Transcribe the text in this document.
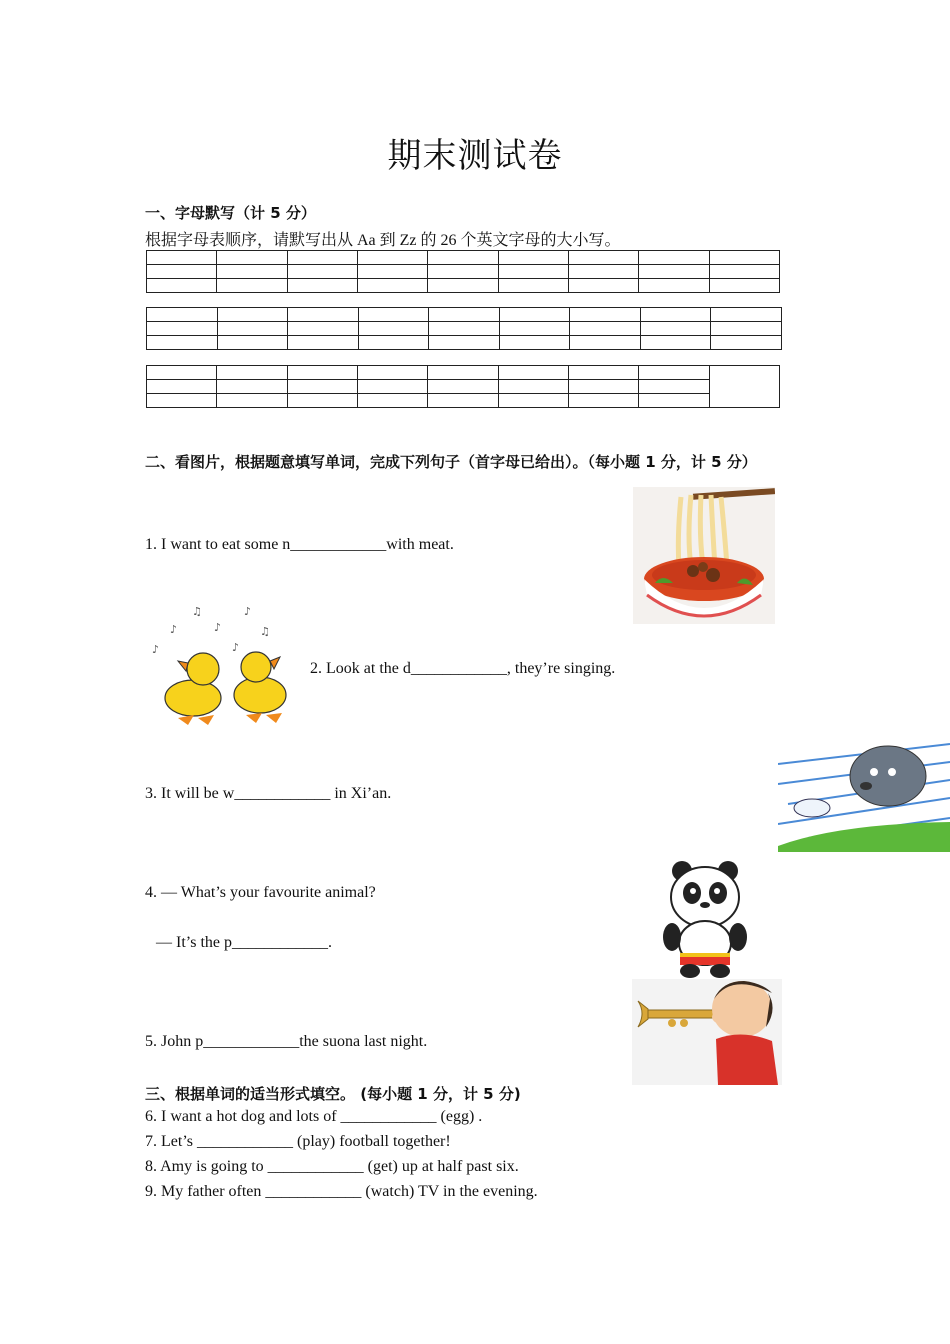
期末测试卷
一、字母默写（计 5 分）
根据字母表顺序，请默写出从 Aa 到 Zz 的 26 个英文字母的大小写。

二、看图片，根据题意填写单词，完成下列句子（首字母已给出）。（每小题 1 分，计 5 分）
1. I want to eat some n____________with meat.
♪
♫
♪
♪
♫
♪	♪
2. Look at the d____________, they’re singing.
3. It will be w____________ in Xi’an.
4. — What’s your favourite animal?
— It’s the p____________.
5. John p____________the suona last night.
三、根据单词的适当形式填空。 (每小题 1 分，计 5 分)
6. I want a hot dog and lots of ____________ (egg) .
7. Let’s ____________ (play) football together!
8. Amy is going to ____________ (get) up at half past six.
9. My father often ____________ (watch) TV in the evening.
